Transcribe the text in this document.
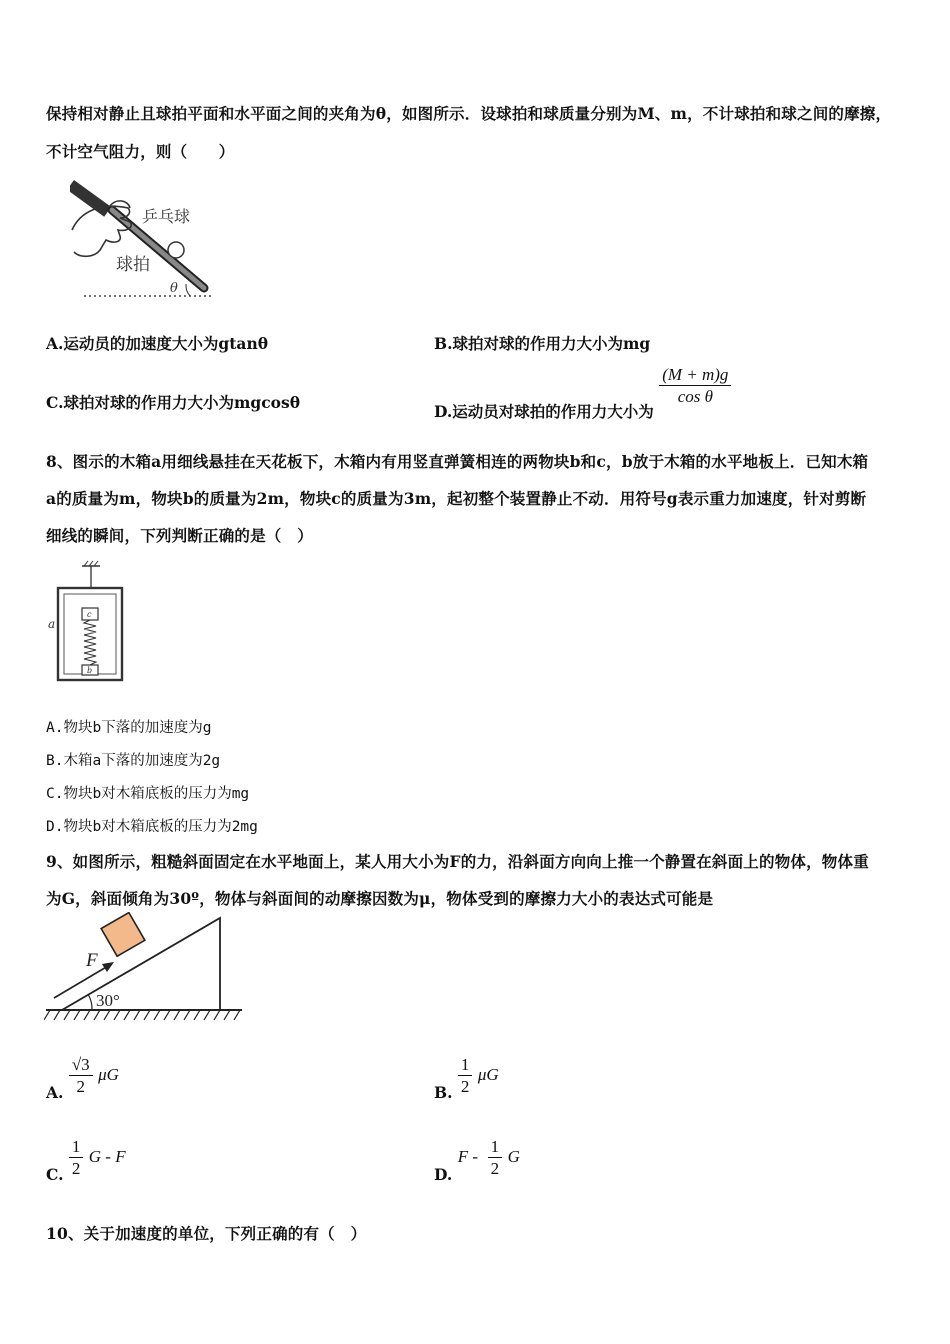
保持相对静止且球拍平面和水平面之间的夹角为θ，如图所示．设球拍和球质量分别为M、m，不计球拍和球之间的摩擦，
不计空气阻力，则（　　）
乒乓球
球拍
θ
A.运动员的加速度大小为gtanθ	B.球拍对球的作用力大小为mg
C.球拍对球的作用力大小为mgcosθ	D.运动员对球拍的作用力大小为
$\frac{(M + m)g}{\text{cos θ}}$
8、图示的木箱a用细线悬挂在天花板下，木箱内有用竖直弹簧相连的两物块b和c，b放于木箱的水平地板上．已知木箱
a的质量为m，物块b的质量为2m，物块c的质量为3m，起初整个装置静止不动．用符号g表示重力加速度，针对剪断
细线的瞬间，下列判断正确的是（　）
a
c
b
A.物块b下落的加速度为g
B.木箱a下落的加速度为2g
C.物块b对木箱底板的压力为mg
D.物块b对木箱底板的压力为2mg
9、如图所示，粗糙斜面固定在水平地面上，某人用大小为F的力，沿斜面方向向上推一个静置在斜面上的物体，物体重
为G，斜面倾角为30º，物体与斜面间的动摩擦因数为μ，物体受到的摩擦力大小的表达式可能是
F
30°
A. $\frac{√3}{2}$ μG
B. $\frac{1}{2}$ μG
C. $\frac{1}{2}$ G - F
D. F - $\frac{1}{2}$ G
10、关于加速度的单位，下列正确的有（　）
